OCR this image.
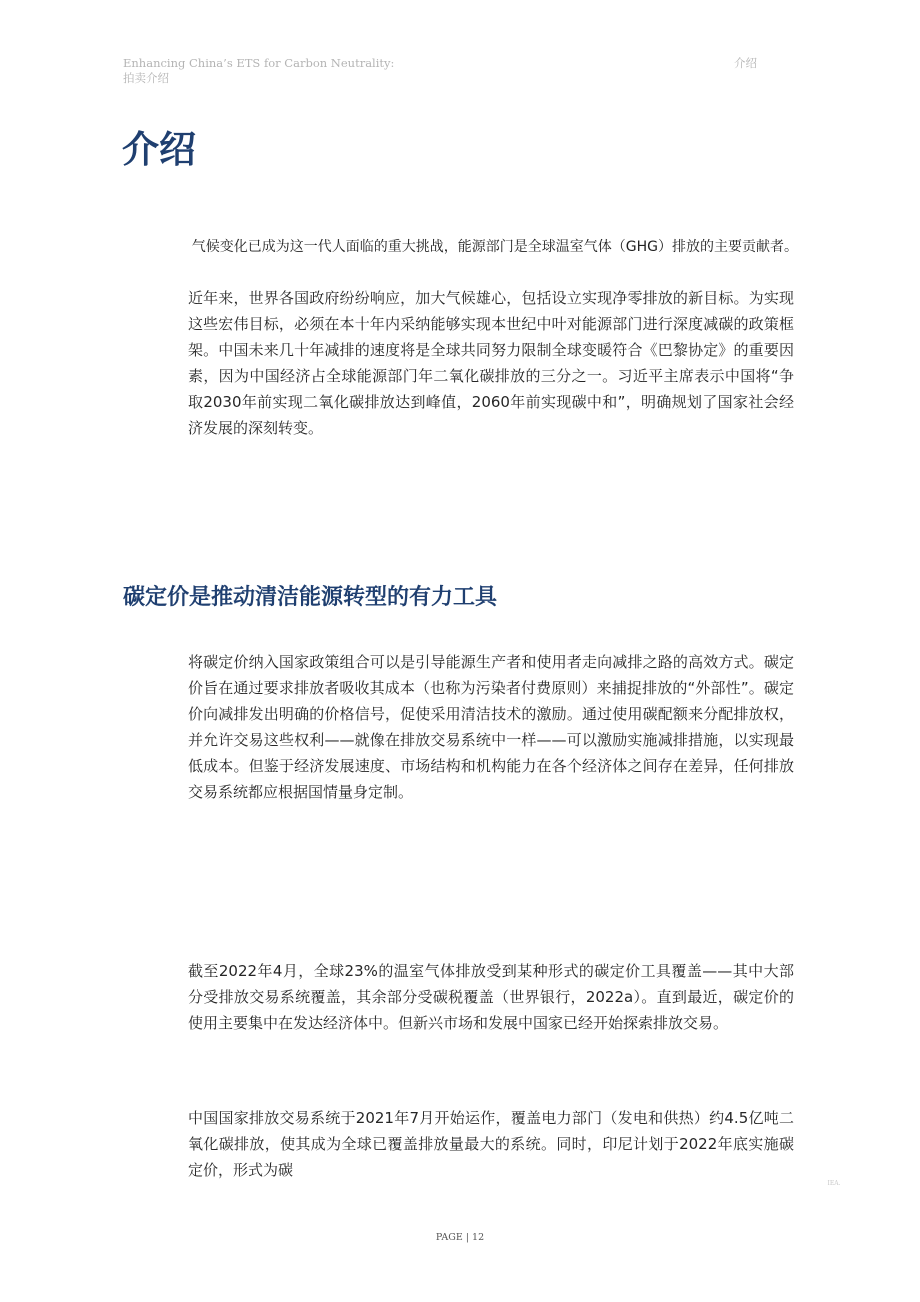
Enhancing China’s ETS for Carbon Neutrality:
拍卖介绍
介绍
介绍

气候变化已成为这一代人面临的重大挑战，能源部门是全球温室气体（GHG）排放的主要贡献者。

近年来，世界各国政府纷纷响应，加大气候雄心，包括设立实现净零排放的新目标。为实现这些宏伟目标，必须在本十年内采纳能够实现本世纪中叶对能源部门进行深度减碳的政策框架。中国未来几十年减排的速度将是全球共同努力限制全球变暖符合《巴黎协定》的重要因素，因为中国经济占全球能源部门年二氧化碳排放的三分之一。习近平主席表示中国将“争取2030年前实现二氧化碳排放达到峰值，2060年前实现碳中和”，明确规划了国家社会经济发展的深刻转变。

碳定价是推动清洁能源转型的有力工具

将碳定价纳入国家政策组合可以是引导能源生产者和使用者走向减排之路的高效方式。碳定价旨在通过要求排放者吸收其成本（也称为污染者付费原则）来捕捉排放的“外部性”。碳定价向减排发出明确的价格信号，促使采用清洁技术的激励。通过使用碳配额来分配排放权，并允许交易这些权利——就像在排放交易系统中一样——可以激励实施减排措施，以实现最低成本。但鉴于经济发展速度、市场结构和机构能力在各个经济体之间存在差异，任何排放交易系统都应根据国情量身定制。

截至2022年4月，全球23%的温室气体排放受到某种形式的碳定价工具覆盖——其中大部分受排放交易系统覆盖，其余部分受碳税覆盖（世界银行，2022a）。直到最近，碳定价的使用主要集中在发达经济体中。但新兴市场和发展中国家已经开始探索排放交易。

中国国家排放交易系统于2021年7月开始运作，覆盖电力部门（发电和供热）约4.5亿吨二氧化碳排放，使其成为全球已覆盖排放量最大的系统。同时，印尼计划于2022年底实施碳定价，形式为碳

IEA.
PAGE | 12
